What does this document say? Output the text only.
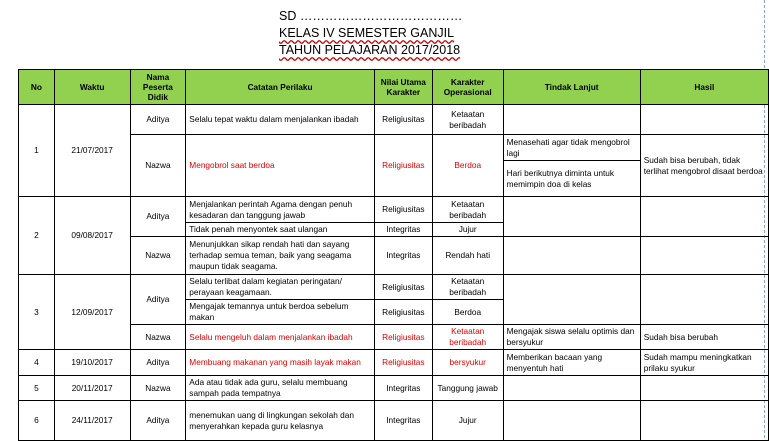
SD …………………………………
KELAS IV SEMESTER GANJIL
TAHUN PELAJARAN 2017/2018
No	Waktu	Nama Peserta Didik	Catatan Perilaku	Nilai Utama Karakter	Karakter Operasional	Tindak Lanjut	Hasil
1	21/07/2017	Aditya	Selalu tepat waktu dalam menjalankan ibadah	Religiusitas	Ketaatan beribadah		
		Nazwa	Mengobrol saat berdoa	Religiusitas	Berdoa	Menasehati agar tidak mengobrol lagi	Sudah bisa berubah, tidak terlihat mengobrol disaat berdoa
						Hari berikutnya diminta untuk memimpin doa di kelas	
2	09/08/2017	Aditya	Menjalankan perintah Agama dengan penuh kesadaran dan tanggung jawab	Religiusitas	Ketaatan beribadah		
			Tidak penah menyontek saat ulangan	Integritas	Jujur		
		Nazwa	Menunjukkan sikap rendah hati dan sayang terhadap semua teman, baik yang seagama maupun tidak seagama.	Integritas	Rendah hati		
3	12/09/2017	Aditya	Selalu terlibat dalam kegiatan peringatan/ perayaan keagamaan.	Religiusitas	Ketaatan beribadah		
			Mengajak temannya untuk berdoa sebelum makan	Religiusitas	Berdoa		
		Nazwa	Selalu mengeluh dalam menjalankan ibadah	Religiusitas	Ketaatan beribadah	Mengajak siswa selalu optimis dan bersyukur	Sudah bisa berubah
4	19/10/2017	Aditya	Membuang makanan yang masih layak makan	Religiusitas	bersyukur	Memberikan bacaan yang menyentuh hati	Sudah mampu meningkatkan prilaku syukur
5	20/11/2017	Nazwa	Ada atau tidak ada guru, selalu membuang sampah pada tempatnya	Integritas	Tanggung jawab		
6	24/11/2017	Aditya	menemukan uang di lingkungan sekolah dan menyerahkan kepada guru kelasnya	Integritas	Jujur		
